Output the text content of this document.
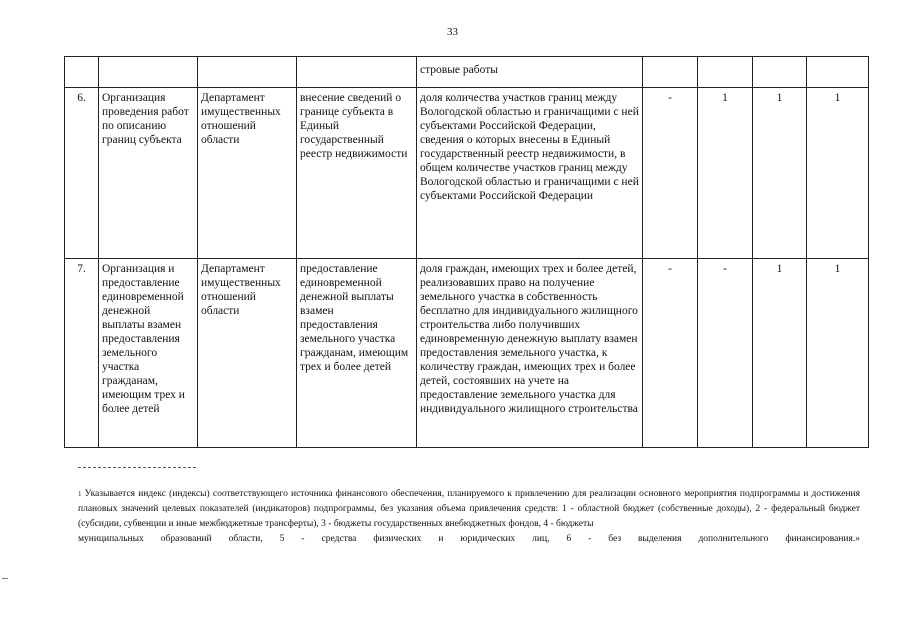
33
				стровые работы				
6.	Организация проведения работ по описанию границ субъекта	Департамент имущественных отношений области	внесение сведений о границе субъекта в Единый государственный реестр недвижимости	доля количества участков границ между Вологодской областью и граничащими с ней субъектами Российской Федерации, сведения о которых внесены в Единый государственный реестр недвижимости, в общем количестве участков границ между Вологодской областью и граничащими с ней субъектами Российской Федерации	-	1	1	1
7.	Организация и предоставление единовременной денежной выплаты взамен предоставления земельного участка гражданам, имеющим трех и более детей	Департамент имущественных отношений области	предоставление единовременной денежной выплаты взамен предоставления земельного участка гражданам, имеющим трех и более детей	доля граждан, имеющих трех и более детей, реализовавших право на получение земельного участка в собственность бесплатно для индивидуального жилищного строительства либо получивших единовременную денежную выплату взамен предоставления земельного участка, к количеству граждан, имеющих трех и более детей, состоявших на учете на предоставление земельного участка для индивидуального жилищного строительства	-	-	1	1
$^1$ Указывается индекс (индексы) соответствующего источника финансового обеспечения, планируемого к привлечению для реализации основного мероприятия подпрограммы и достижения плановых значений целевых показателей (индикаторов) подпрограммы, без указания объема привлечения средств: 1 - областной бюджет (собственные доходы), 2 - федеральный бюджет (субсидии, субвенции и иные межбюджетные трансферты), 3 - бюджеты государственных внебюджетных фондов, 4 - бюджеты
муниципальных образований области, 5 - средства физических и юридических лиц, 6 - без выделения дополнительного финансирования.»
